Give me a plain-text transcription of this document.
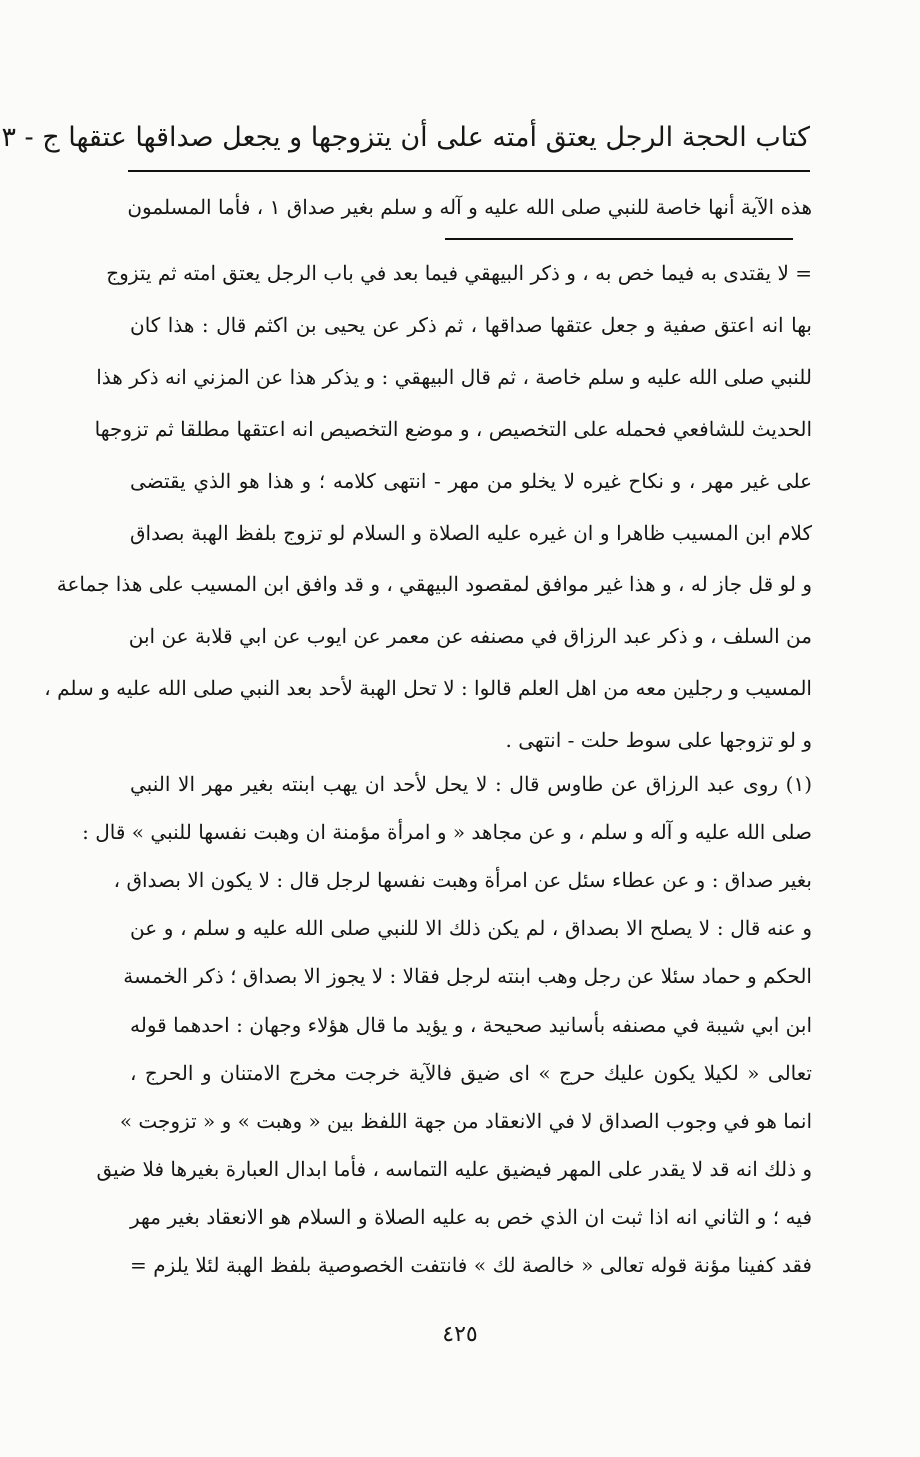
كتاب الحجة الرجل يعتق أمته على أن يتزوجها و يجعل صداقها عتقها ج - ٣
هذه الآية أنها خاصة للنبي صلى الله عليه و آله و سلم بغير صداق ١ ، فأما المسلمون
= لا يقتدى به فيما خص به ، و ذكر البيهقي فيما بعد في باب الرجل يعتق امته ثم يتزوج
بها انه اعتق صفية و جعل عتقها صداقها ، ثم ذكر عن يحيى بن اكثم قال : هذا كان
للنبي صلى الله عليه و سلم خاصة ، ثم قال البيهقي : و يذكر هذا عن المزني انه ذكر هذا
الحديث للشافعي فحمله على التخصيص ، و موضع التخصيص انه اعتقها مطلقا ثم تزوجها
على غير مهر ، و نكاح غيره لا يخلو من مهر - انتهى كلامه ؛ و هذا هو الذي يقتضى
كلام ابن المسيب ظاهرا و ان غيره عليه الصلاة و السلام لو تزوج بلفظ الهبة بصداق
و لو قل جاز له ، و هذا غير موافق لمقصود البيهقي ، و قد وافق ابن المسيب على هذا جماعة
من السلف ، و ذكر عبد الرزاق في مصنفه عن معمر عن ايوب عن ابي قلابة عن ابن
المسيب و رجلين معه من اهل العلم قالوا : لا تحل الهبة لأحد بعد النبي صلى الله عليه و سلم ،
و لو تزوجها على سوط حلت - انتهى .
(١) روى عبد الرزاق عن طاوس قال : لا يحل لأحد ان يهب ابنته بغير مهر الا النبي
صلى الله عليه و آله و سلم ، و عن مجاهد « و امرأة مؤمنة ان وهبت نفسها للنبي » قال :
بغير صداق : و عن عطاء سئل عن امرأة وهبت نفسها لرجل قال : لا يكون الا بصداق ،
و عنه قال : لا يصلح الا بصداق ، لم يكن ذلك الا للنبي صلى الله عليه و سلم ، و عن
الحكم و حماد سئلا عن رجل وهب ابنته لرجل فقالا : لا يجوز الا بصداق ؛ ذكر الخمسة
ابن ابي شيبة في مصنفه بأسانيد صحيحة ، و يؤيد ما قال هؤلاء وجهان : احدهما قوله
تعالى « لكيلا يكون عليك حرج » اى ضيق فالآية خرجت مخرج الامتنان و الحرج ،
انما هو في وجوب الصداق لا في الانعقاد من جهة اللفظ بين « وهبت » و « تزوجت »
و ذلك انه قد لا يقدر على المهر فيضيق عليه التماسه ، فأما ابدال العبارة بغيرها فلا ضيق
فيه ؛ و الثاني انه اذا ثبت ان الذي خص به عليه الصلاة و السلام هو الانعقاد بغير مهر
فقد كفينا مؤنة قوله تعالى « خالصة لك » فانتفت الخصوصية بلفظ الهبة لئلا يلزم =
٤٢٥
